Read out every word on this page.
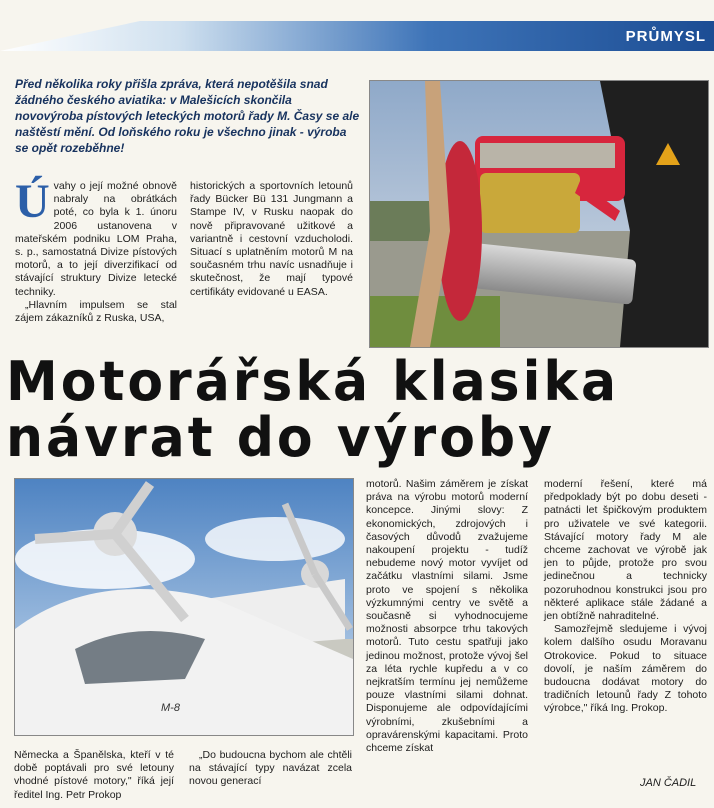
PRŮMYSL
Před několika roky přišla zpráva, která nepotěšila snad žádného českého aviatika: v Malešicích skončila novovýroba pístových leteckých motorů řady M. Časy se ale naštěstí mění. Od loňského roku je všechno jinak - výroba se opět rozeběhne!

Úvahy o její možné obnově nabraly na obrátkách poté, co byla k 1. únoru 2006 ustanovena v mateřském podniku LOM Praha, s. p., samostatná Divize pístových motorů, a to její diverzifikací od stávající struktury Divize letecké techniky.

„Hlavním impulsem se stal zájem zákazníků z Ruska, USA,

historických a sportovních letounů řady Bücker Bü 131 Jungmann a Stampe IV, v Rusku naopak do nově připravované užitkové a variantně i cestovní vzducholodi. Situací s uplatněním motorů M na současném trhu navíc usnadňuje i skutečnost, že mají typové certifikáty evidované u EASA.

Motorářská klasika
návrat do výroby
M-8

Německa a Španělska, kteří v té době poptávali pro své letouny vhodné pístové motory," říká její ředitel Ing. Petr Prokop

„Do budoucna bychom ale chtěli na stávající typy navázat zcela novou generací

motorů. Našim záměrem je získat práva na výrobu motorů moderní koncepce. Jinými slovy: Z ekonomických, zdrojových i časových důvodů zvažujeme nakoupení projektu - tudíž nebudeme nový motor vyvíjet od začátku vlastními silami. Jsme proto ve spojení s několika výzkumnými centry ve světě a současně si vyhodnocujeme možnosti absorpce trhu takových motorů. Tuto cestu spatřuji jako jedinou možnost, protože vývoj šel za léta rychle kupředu a v co nejkratším termínu jej nemůžeme pouze vlastními silami dohnat. Disponujeme ale odpovídajícími výrobními, zkušebními a opravárenskými kapacitami. Proto chceme získat

moderní řešení, které má předpoklady být po dobu deseti - patnácti let špičkovým produktem pro uživatele ve své kategorii. Stávající motory řady M ale chceme zachovat ve výrobě jak jen to půjde, protože pro svou jedinečnou a technicky pozoruhodnou konstrukci jsou pro některé aplikace stále žádané a jen obtížně nahraditelné.

Samozřejmě sledujeme i vývoj kolem dalšího osudu Moravanu Otrokovice. Pokud to situace dovolí, je naším záměrem do budoucna dodávat motory do tradičních letounů řady Z tohoto výrobce," říká Ing. Prokop.

JAN ČADIL
